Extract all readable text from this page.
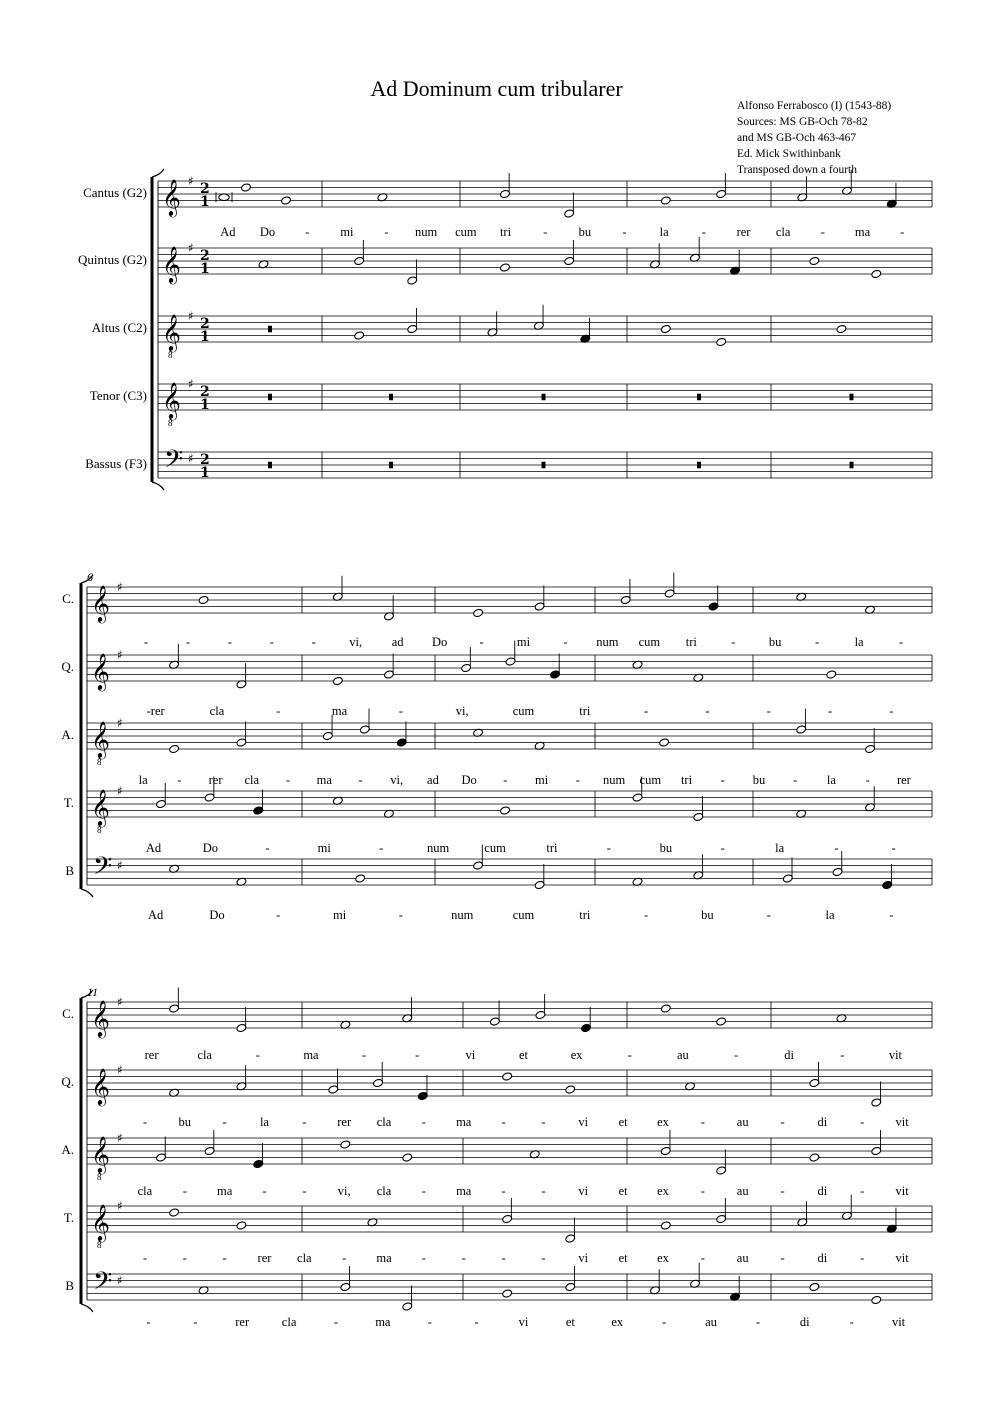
Ad Dominum cum tribularer
Alfonso Ferrabosco (I) (1543-88)
Sources: MS GB-Och 78-82
and MS GB-Och 463-467
Ed. Mick Swithinbank
Transposed down a fourth
𝄞 ♯ 2
1
𝄞 ♯ 2
1
𝄞
8
♯ 2
1
𝄞
8
♯ 2
1
𝄢 ♯ 2
1
Cantus (G2)
Quintus (G2)
Altus (C2)
Tenor (C3)
Bassus (F3)
Ad Do - mi - num cum tri	-	bu	-	la	- rer cla - ma -
𝄞 ♯
𝄞 ♯
𝄞
8
♯
𝄞
8
♯
𝄢 ♯
C.
Q.
A.
T.
B
6
-	-	-	-	-	vi, ad Do	-	mi	- num cum tri	-	bu	-	la	-
-rer	cla	-	ma	-	vi,	cum	tri	-	-	-	-	-
la - rer cla - ma - vi, ad Do - mi - num cum tri - bu - la - rer
Ad	Do	-	mi	-	num	cum	tri	-	bu	-	la	-	-
Ad	Do	-	mi	-	num	cum	tri	-	bu	-	la	-
𝄞 ♯
𝄞 ♯
𝄞
8
♯
𝄞
8
♯
𝄢 ♯
C.
Q.
A.
T.
B
11
rer	cla	-	ma	-	-	vi	et	ex	-	au	-	di	-	vit
-	bu	-	la	- rer cla - ma -	-	vi et ex	-	au	-	di	- vit
cla - ma -	-	vi, cla - ma -	-	vi et ex	-	au	-	di	- vit
-	-	- rer cla - ma -	-	-	-	vi et ex	-	au	-	di	- vit
-	-	rer	cla	-	ma	-	-	vi	et	ex	-	au	-	di	-	vit
